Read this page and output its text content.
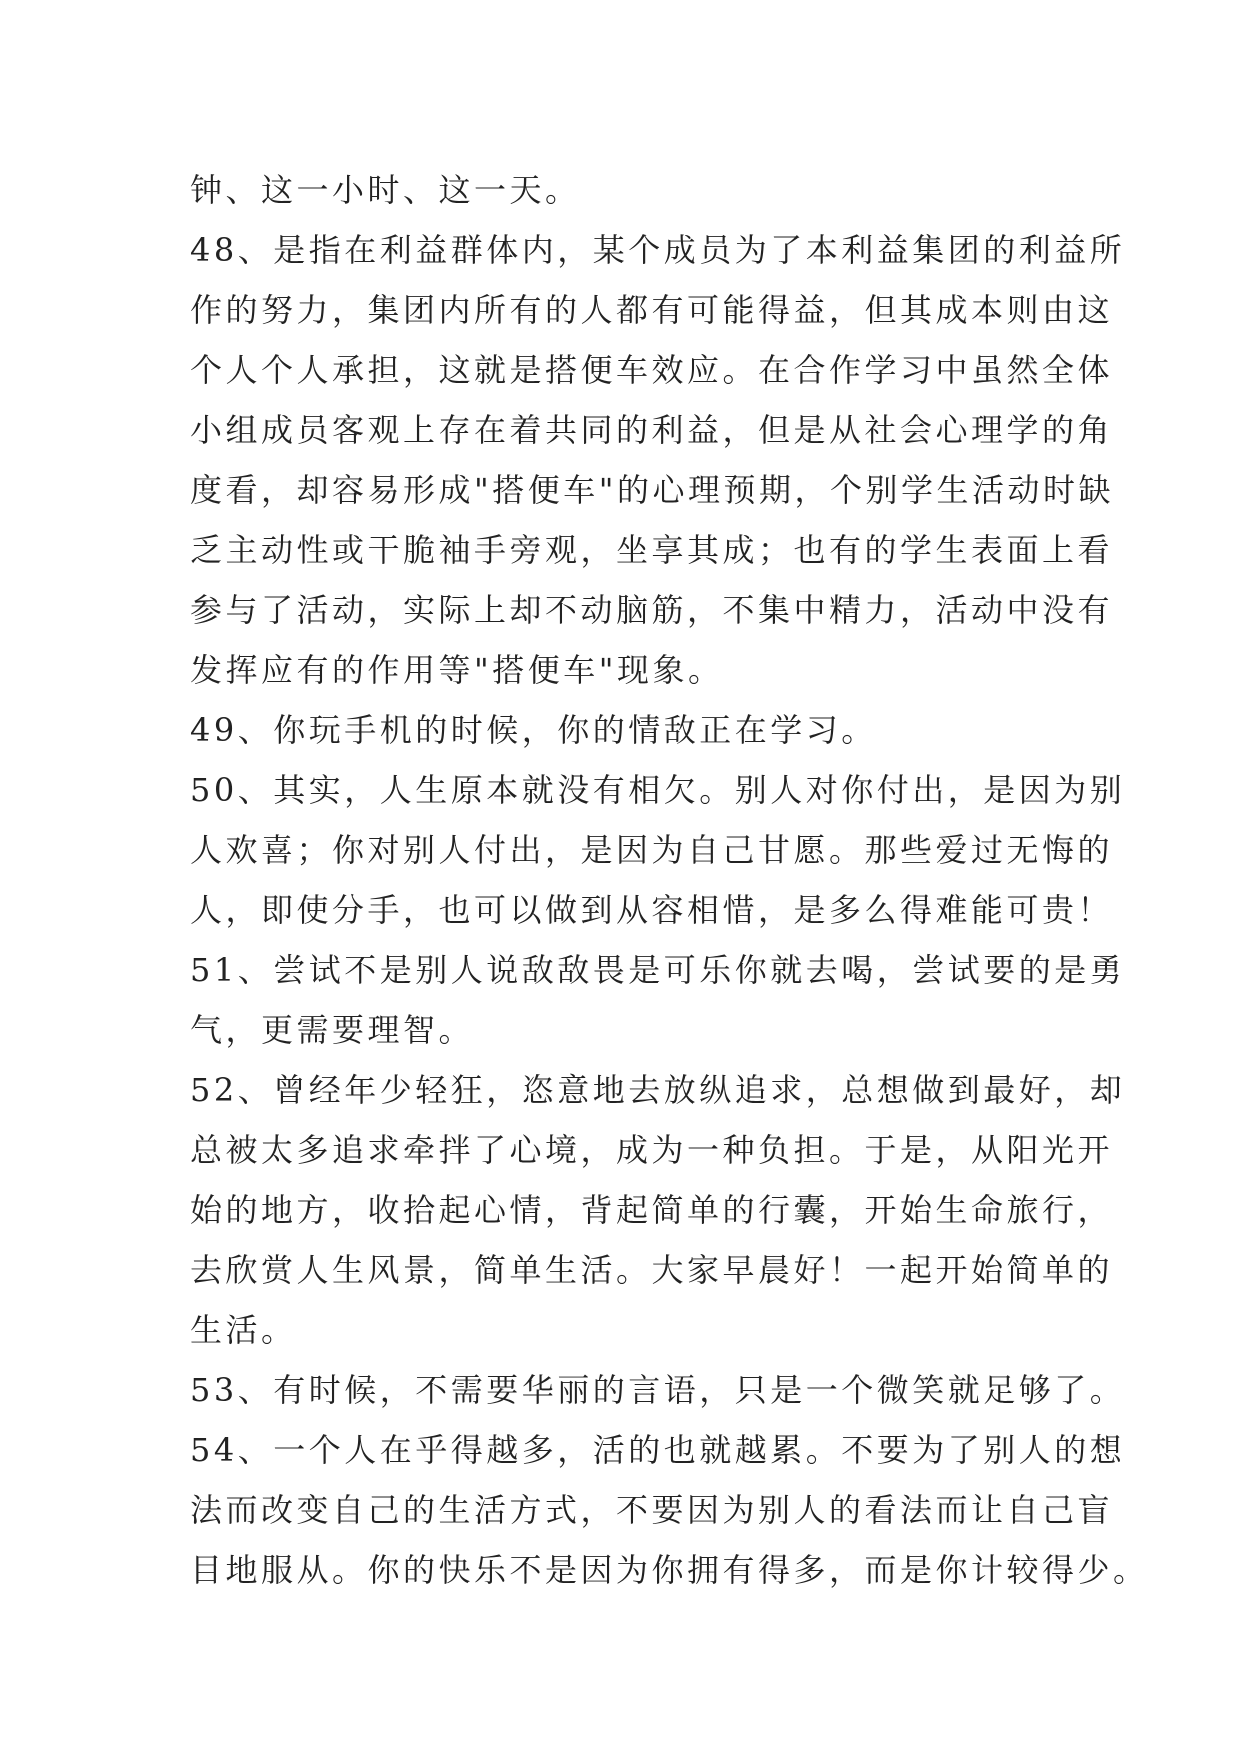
钟、这一小时、这一天。
48、是指在利益群体内，某个成员为了本利益集团的利益所
作的努力，集团内所有的人都有可能得益，但其成本则由这
个人个人承担，这就是搭便车效应。在合作学习中虽然全体
小组成员客观上存在着共同的利益，但是从社会心理学的角
度看，却容易形成"搭便车"的心理预期，个别学生活动时缺
乏主动性或干脆袖手旁观，坐享其成；也有的学生表面上看
参与了活动，实际上却不动脑筋，不集中精力，活动中没有
发挥应有的作用等"搭便车"现象。
49、你玩手机的时候，你的情敌正在学习。
50、其实，人生原本就没有相欠。别人对你付出，是因为别
人欢喜；你对别人付出，是因为自己甘愿。那些爱过无悔的
人，即使分手，也可以做到从容相惜，是多么得难能可贵！
51、尝试不是别人说敌敌畏是可乐你就去喝，尝试要的是勇
气，更需要理智。
52、曾经年少轻狂，恣意地去放纵追求，总想做到最好，却
总被太多追求牵拌了心境，成为一种负担。于是，从阳光开
始的地方，收拾起心情，背起简单的行囊，开始生命旅行，
去欣赏人生风景，简单生活。大家早晨好！一起开始简单的
生活。
53、有时候，不需要华丽的言语，只是一个微笑就足够了。
54、一个人在乎得越多，活的也就越累。不要为了别人的想
法而改变自己的生活方式，不要因为别人的看法而让自己盲
目地服从。你的快乐不是因为你拥有得多，而是你计较得少。
